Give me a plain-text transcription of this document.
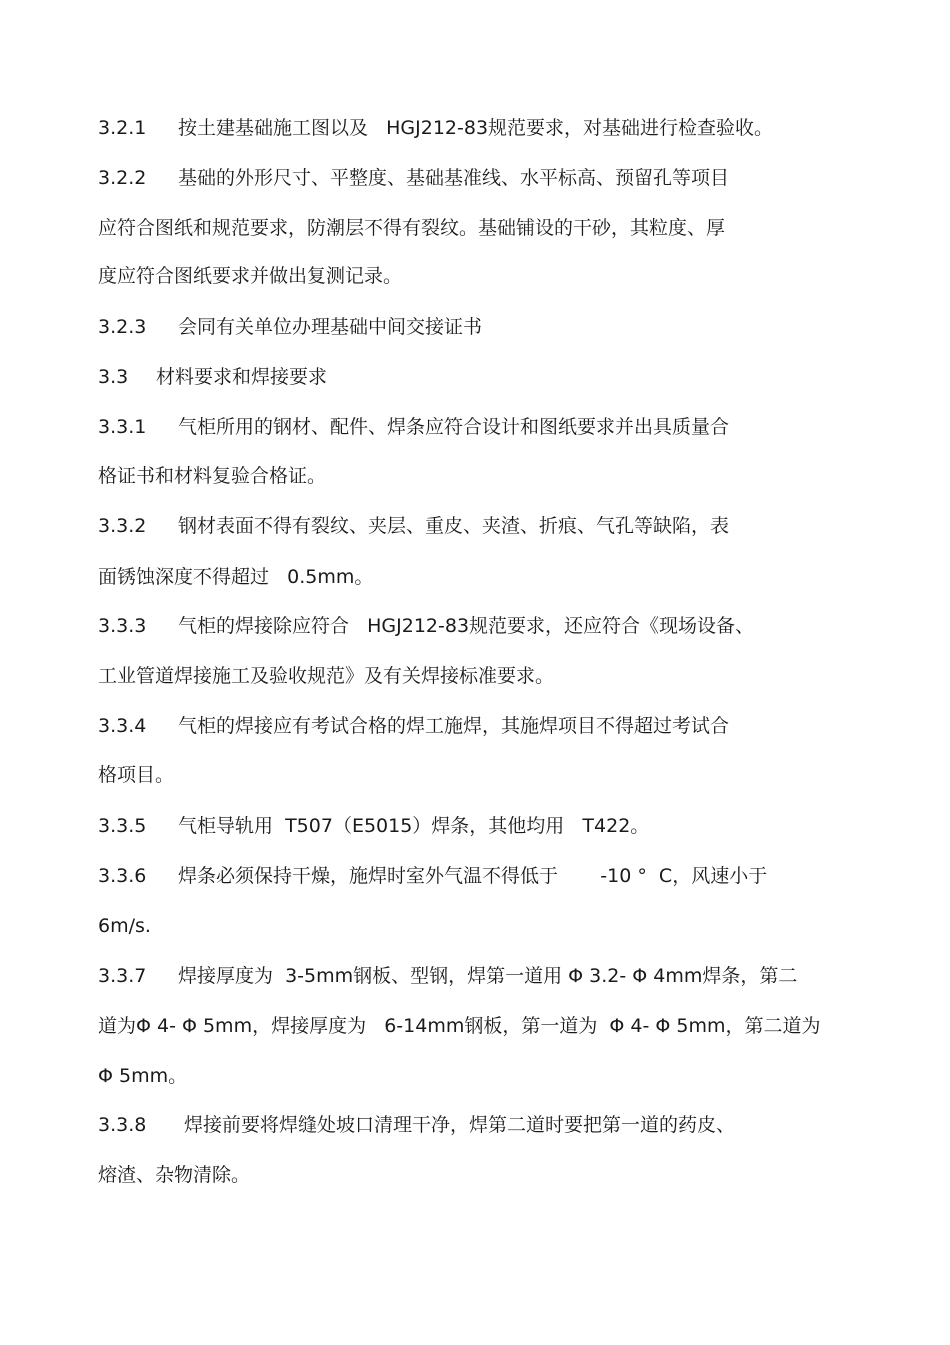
3.2.1 按土建基础施工图以及   HGJ212-83规范要求，对基础进行检查验收。
3.2.2 基础的外形尺寸、平整度、基础基准线、水平标高、预留孔等项目
应符合图纸和规范要求，防潮层不得有裂纹。基础铺设的干砂，其粒度、厚
度应符合图纸要求并做出复测记录。
3.2.3 会同有关单位办理基础中间交接证书
3.3 材料要求和焊接要求
3.3.1 气柜所用的钢材、配件、焊条应符合设计和图纸要求并出具质量合
格证书和材料复验合格证。
3.3.2 钢材表面不得有裂纹、夹层、重皮、夹渣、折痕、气孔等缺陷，表
面锈蚀深度不得超过   0.5mm。
3.3.3 气柜的焊接除应符合   HGJ212-83规范要求，还应符合《现场设备、
工业管道焊接施工及验收规范》及有关焊接标准要求。
3.3.4 气柜的焊接应有考试合格的焊工施焊，其施焊项目不得超过考试合
格项目。
3.3.5 气柜导轨用  T507（E5015）焊条，其他均用   T422。
3.3.6 焊条必须保持干燥，施焊时室外气温不得低于       -10 °  C，风速小于
6m/s.
3.3.7 焊接厚度为  3-5mm钢板、型钢，焊第一道用 Φ 3.2- Φ 4mm焊条，第二
道为Φ 4- Φ 5mm，焊接厚度为   6-14mm钢板，第一道为  Φ 4- Φ 5mm，第二道为
Φ 5mm。
3.3.8 焊接前要将焊缝处坡口清理干净，焊第二道时要把第一道的药皮、
熔渣、杂物清除。
